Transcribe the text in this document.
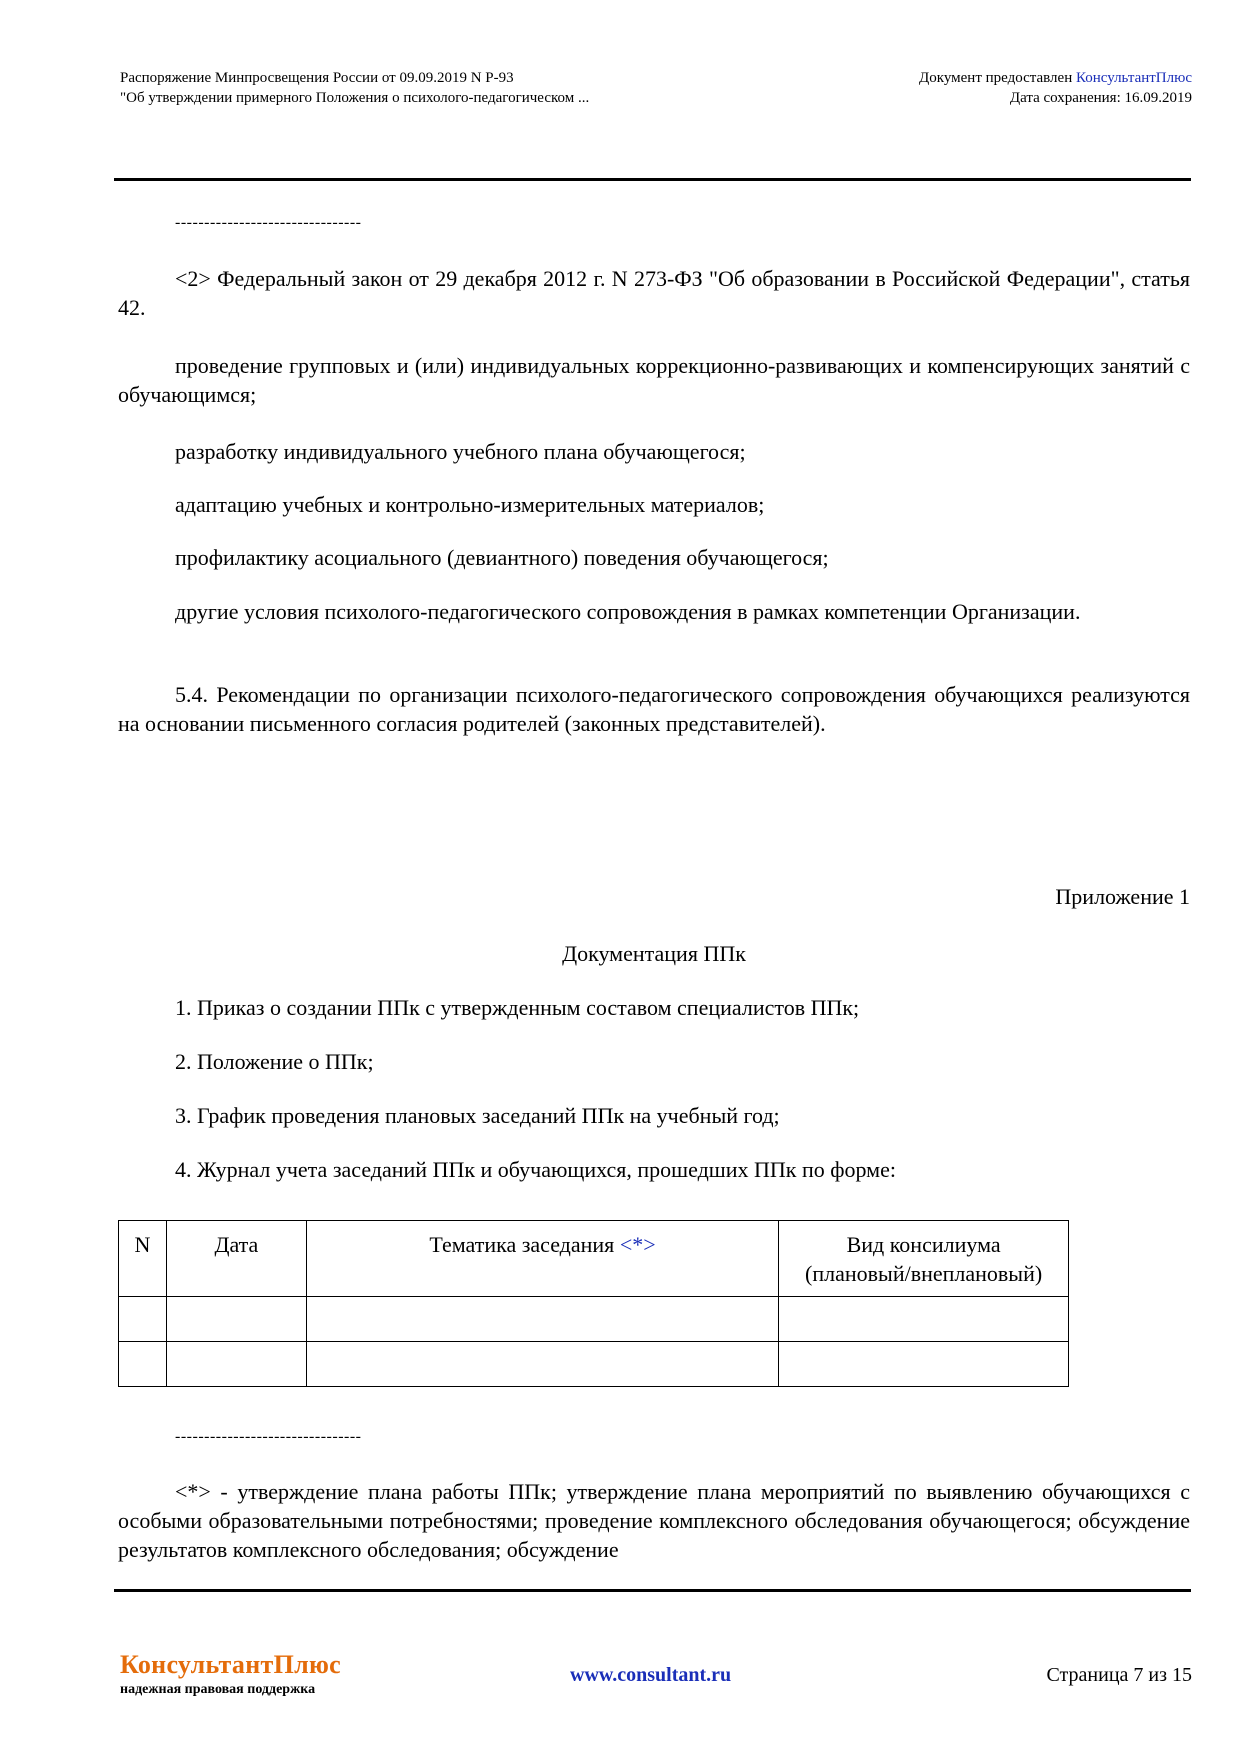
Распоряжение Минпросвещения России от 09.09.2019 N Р-93
"Об утверждении примерного Положения о психолого-педагогическом ...
Документ предоставлен КонсультантПлюс
Дата сохранения: 16.09.2019
--------------------------------
<2> Федеральный закон от 29 декабря 2012 г. N 273-ФЗ "Об образовании в Российской Федерации", статья 42.
проведение групповых и (или) индивидуальных коррекционно-развивающих и компенсирующих занятий с обучающимся;
разработку индивидуального учебного плана обучающегося;
адаптацию учебных и контрольно-измерительных материалов;
профилактику асоциального (девиантного) поведения обучающегося;
другие условия психолого-педагогического сопровождения в рамках компетенции Организации.
5.4. Рекомендации по организации психолого-педагогического сопровождения обучающихся реализуются на основании письменного согласия родителей (законных представителей).
Приложение 1
Документация ППк
1. Приказ о создании ППк с утвержденным составом специалистов ППк;
2. Положение о ППк;
3. График проведения плановых заседаний ППк на учебный год;
4. Журнал учета заседаний ППк и обучающихся, прошедших ППк по форме:
N	Дата	Тематика заседания <*>	Вид консилиума
(плановый/внеплановый)

--------------------------------
<*> - утверждение плана работы ППк; утверждение плана мероприятий по выявлению обучающихся с особыми образовательными потребностями; проведение комплексного обследования обучающегося; обсуждение результатов комплексного обследования; обсуждение
КонсультантПлюс
надежная правовая поддержка
www.consultant.ru	Страница 7 из 15
